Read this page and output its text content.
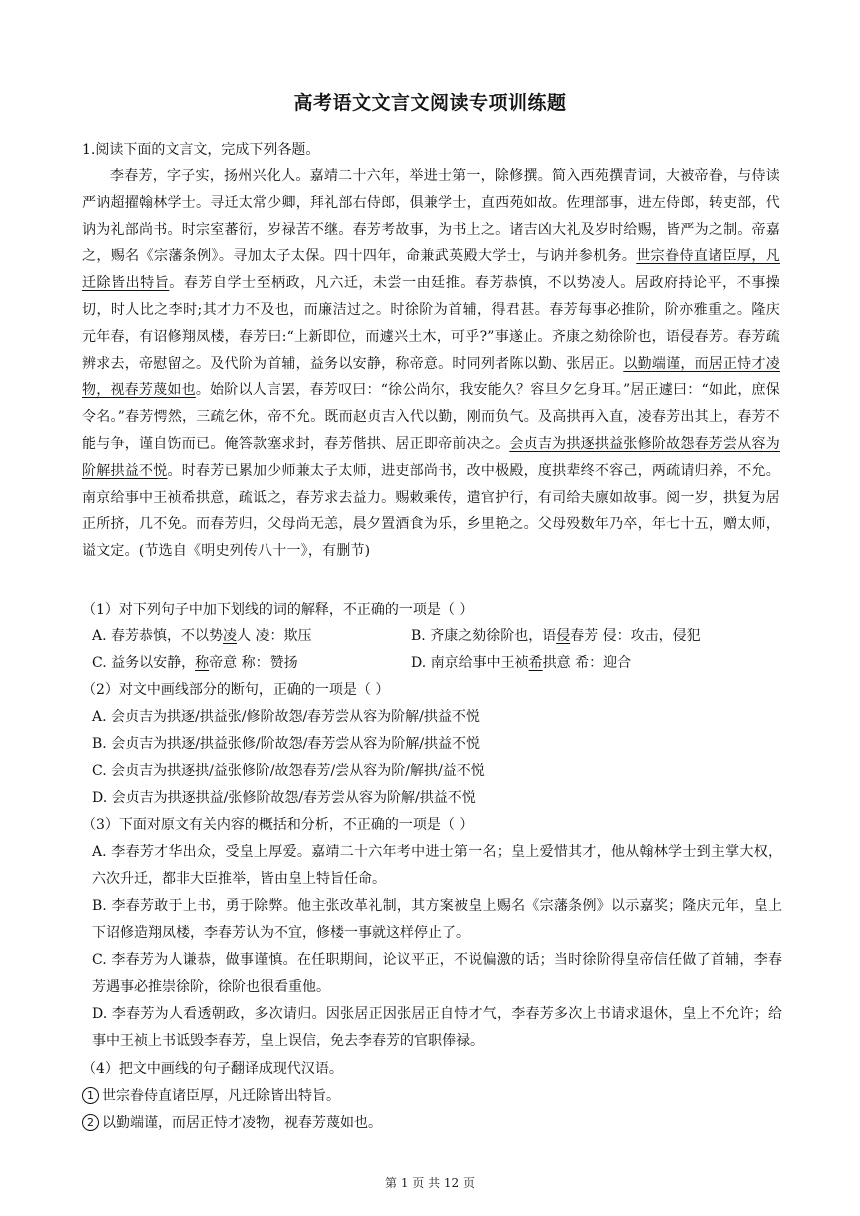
高考语文文言文阅读专项训练题
1.阅读下面的文言文，完成下列各题。
李春芳，字子实，扬州兴化人。嘉靖二十六年，举进士第一，除修撰。简入西苑撰青词，大被帝眷，与侍读严讷超擢翰林学士。寻迁太常少卿，拜礼部右侍郎，俱兼学士，直西苑如故。佐理部事，进左侍郎，转吏部，代讷为礼部尚书。时宗室蕃衍，岁禄苦不继。春芳考故事，为书上之。诸吉凶大礼及岁时给赐，皆严为之制。帝嘉之，赐名《宗藩条例》。寻加太子太保。四十四年，命兼武英殿大学士，与讷并参机务。世宗眷侍直诸臣厚，凡迁除皆出特旨。春芳自学士至柄政，凡六迁，未尝一由廷推。春芳恭慎，不以势凌人。居政府持论平，不事操切，时人比之李时;其才力不及也，而廉洁过之。时徐阶为首辅，得君甚。春芳每事必推阶，阶亦雅重之。隆庆元年春，有诏修翔凤楼，春芳曰:“上新即位，而遽兴土木，可乎?”事遂止。齐康之劾徐阶也，语侵春芳。春芳疏辨求去，帝慰留之。及代阶为首辅，益务以安静，称帝意。时同列者陈以勤、张居正。以勤端谨，而居正恃才凌物，视春芳蔑如也。始阶以人言罢，春芳叹曰：“徐公尚尔，我安能久？容旦夕乞身耳。”居正遽曰：“如此，庶保令名。”春芳愕然，三疏乞休，帝不允。既而赵贞吉入代以勤，刚而负气。及高拱再入直，凌春芳出其上，春芳不能与争，谨自饬而已。俺答款塞求封，春芳偕拱、居正即帝前决之。会贞吉为拱逐拱益张修阶故怨春芳尝从容为阶解拱益不悦。时春芳已累加少师兼太子太师，进吏部尚书，改中极殿，度拱辈终不容己，两疏请归养，不允。南京给事中王祯希拱意，疏诋之，春芳求去益力。赐敕乘传，遣官护行，有司给夫廪如故事。阅一岁，拱复为居正所挤，几不免。而春芳归，父母尚无恙，晨夕置酒食为乐，乡里艳之。父母殁数年乃卒，年七十五，赠太师，谥文定。(节选自《明史列传八十一》，有删节)
（1）对下列句子中加下划线的词的解释，不正确的一项是（ ）
A. 春芳恭慎，不以势凌人 凌：欺压	B. 齐康之劾徐阶也，语侵春芳 侵：攻击，侵犯
C. 益务以安静，称帝意 称：赞扬	D. 南京给事中王祯希拱意 希：迎合
（2）对文中画线部分的断句，正确的一项是（ ）
A. 会贞吉为拱逐/拱益张/修阶故怨/春芳尝从容为阶解/拱益不悦
B. 会贞吉为拱逐/拱益张修/阶故怨/春芳尝从容为阶解/拱益不悦
C. 会贞吉为拱逐拱/益张修阶/故怨春芳/尝从容为阶/解拱/益不悦
D. 会贞吉为拱逐拱益/张修阶故怨/春芳尝从容为阶解/拱益不悦
（3）下面对原文有关内容的概括和分析，不正确的一项是（ ）
A. 李春芳才华出众，受皇上厚爱。嘉靖二十六年考中进士第一名；皇上爱惜其才，他从翰林学士到主掌大权，六次升迁，都非大臣推举，皆由皇上特旨任命。
B. 李春芳敢于上书，勇于除弊。他主张改革礼制，其方案被皇上赐名《宗藩条例》以示嘉奖；隆庆元年，皇上下诏修造翔凤楼，李春芳认为不宜，修楼一事就这样停止了。
C. 李春芳为人谦恭，做事谨慎。在任职期间，论议平正，不说偏激的话；当时徐阶得皇帝信任做了首辅，李春芳遇事必推崇徐阶，徐阶也很看重他。
D. 李春芳为人看透朝政，多次请归。因张居正因张居正自恃才气，李春芳多次上书请求退休，皇上不允许；给事中王祯上书诋毁李春芳，皇上误信，免去李春芳的官职俸禄。
（4）把文中画线的句子翻译成现代汉语。
1 世宗眷侍直诸臣厚，凡迁除皆出特旨。
2 以勤端谨，而居正恃才凌物，视春芳蔑如也。
第 1 页 共 12 页
